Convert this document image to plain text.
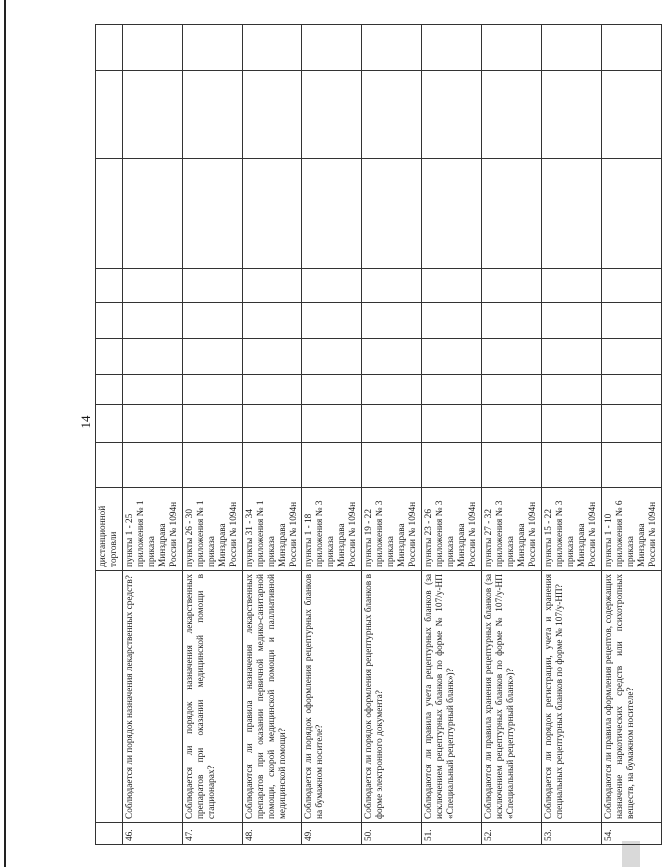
14

		дистанционной торговли									

46.	Соблюдается ли порядок назначения лекарственных средств?	пункты 1 - 25 приложения № 1 приказа Минздрава России № 1094н									

47.	Соблюдается ли порядок назначения лекарственных препаратов при оказании медицинской помощи в стационарах?	пункты 26 - 30 приложения № 1 приказа Минздрава России № 1094н									

48.	Соблюдаются ли правила назначения лекарственных препаратов при оказании первичной медико-санитарной помощи, скорой медицинской помощи и паллиативной медицинской помощи?	пункты 31 - 34 приложения № 1 приказа Минздрава России № 1094н									

49.	Соблюдается ли порядок оформления рецептурных бланков на бумажном носителе?	пункты 1 - 18 приложения № 3 приказа Минздрава России № 1094н									

50.	Соблюдается ли порядок оформления рецептурных бланков в форме электронного документа?	пункты 19 - 22 приложения № 3 приказа Минздрава России № 1094н									

51.	Соблюдаются ли правила учета рецептурных бланков (за исключением рецептурных бланков по форме № 107/у-НП «Специальный рецептурный бланк»)?	пункты 23 - 26 приложения № 3 приказа Минздрава России № 1094н									

52.	Соблюдаются ли правила хранения рецептурных бланков (за исключением рецептурных бланков по форме № 107/у-НП «Специальный рецептурный бланк»)?	пункты 27 - 32 приложения № 3 приказа Минздрава России № 1094н									

53.	Соблюдается ли порядок регистрации, учета и хранения специальных рецептурных бланков по форме № 107/у-НП?	пункты 15 - 22 приложения № 3 приказа Минздрава России № 1094н									

54.	Соблюдаются ли правила оформления рецептов, содержащих назначение наркотических средств или психотропных веществ, на бумажном носителе?	пункты 1 - 10 приложения № 6 приказа Минздрава России № 1094н									
